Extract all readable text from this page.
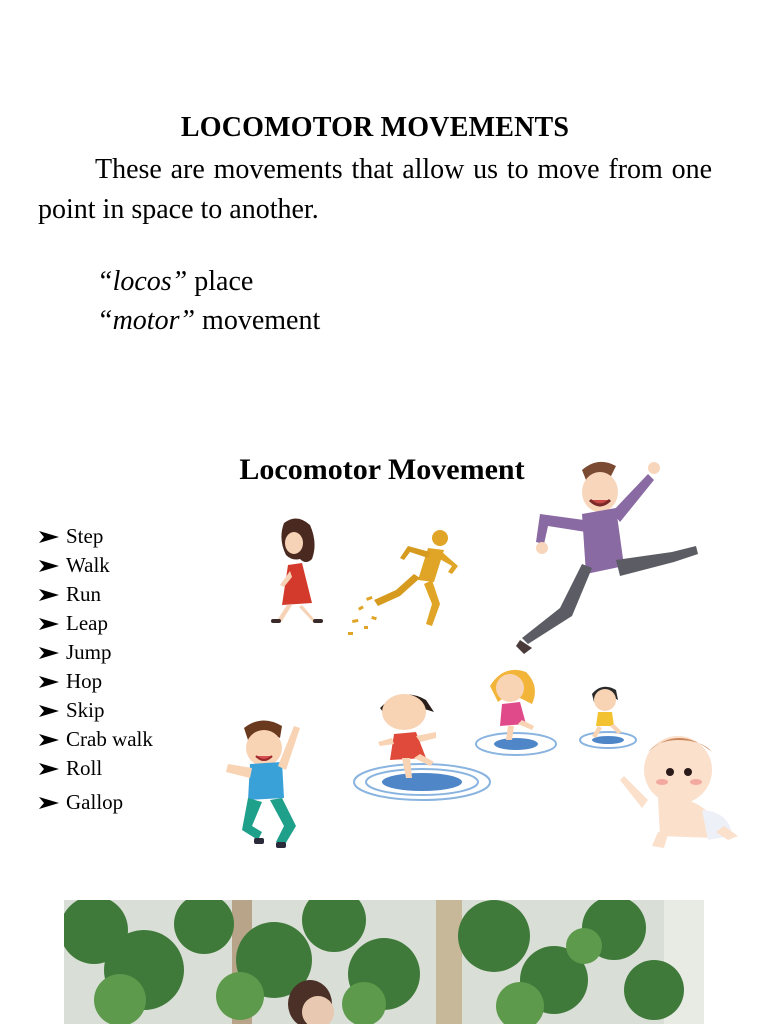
LOCOMOTOR MOVEMENTS
These are movements that allow us to move from one point in space to another.
“locos” place
“motor” movement
Locomotor Movement
Step
Walk
Run
Leap
Jump
Hop
Skip
Crab walk
Roll
Gallop
